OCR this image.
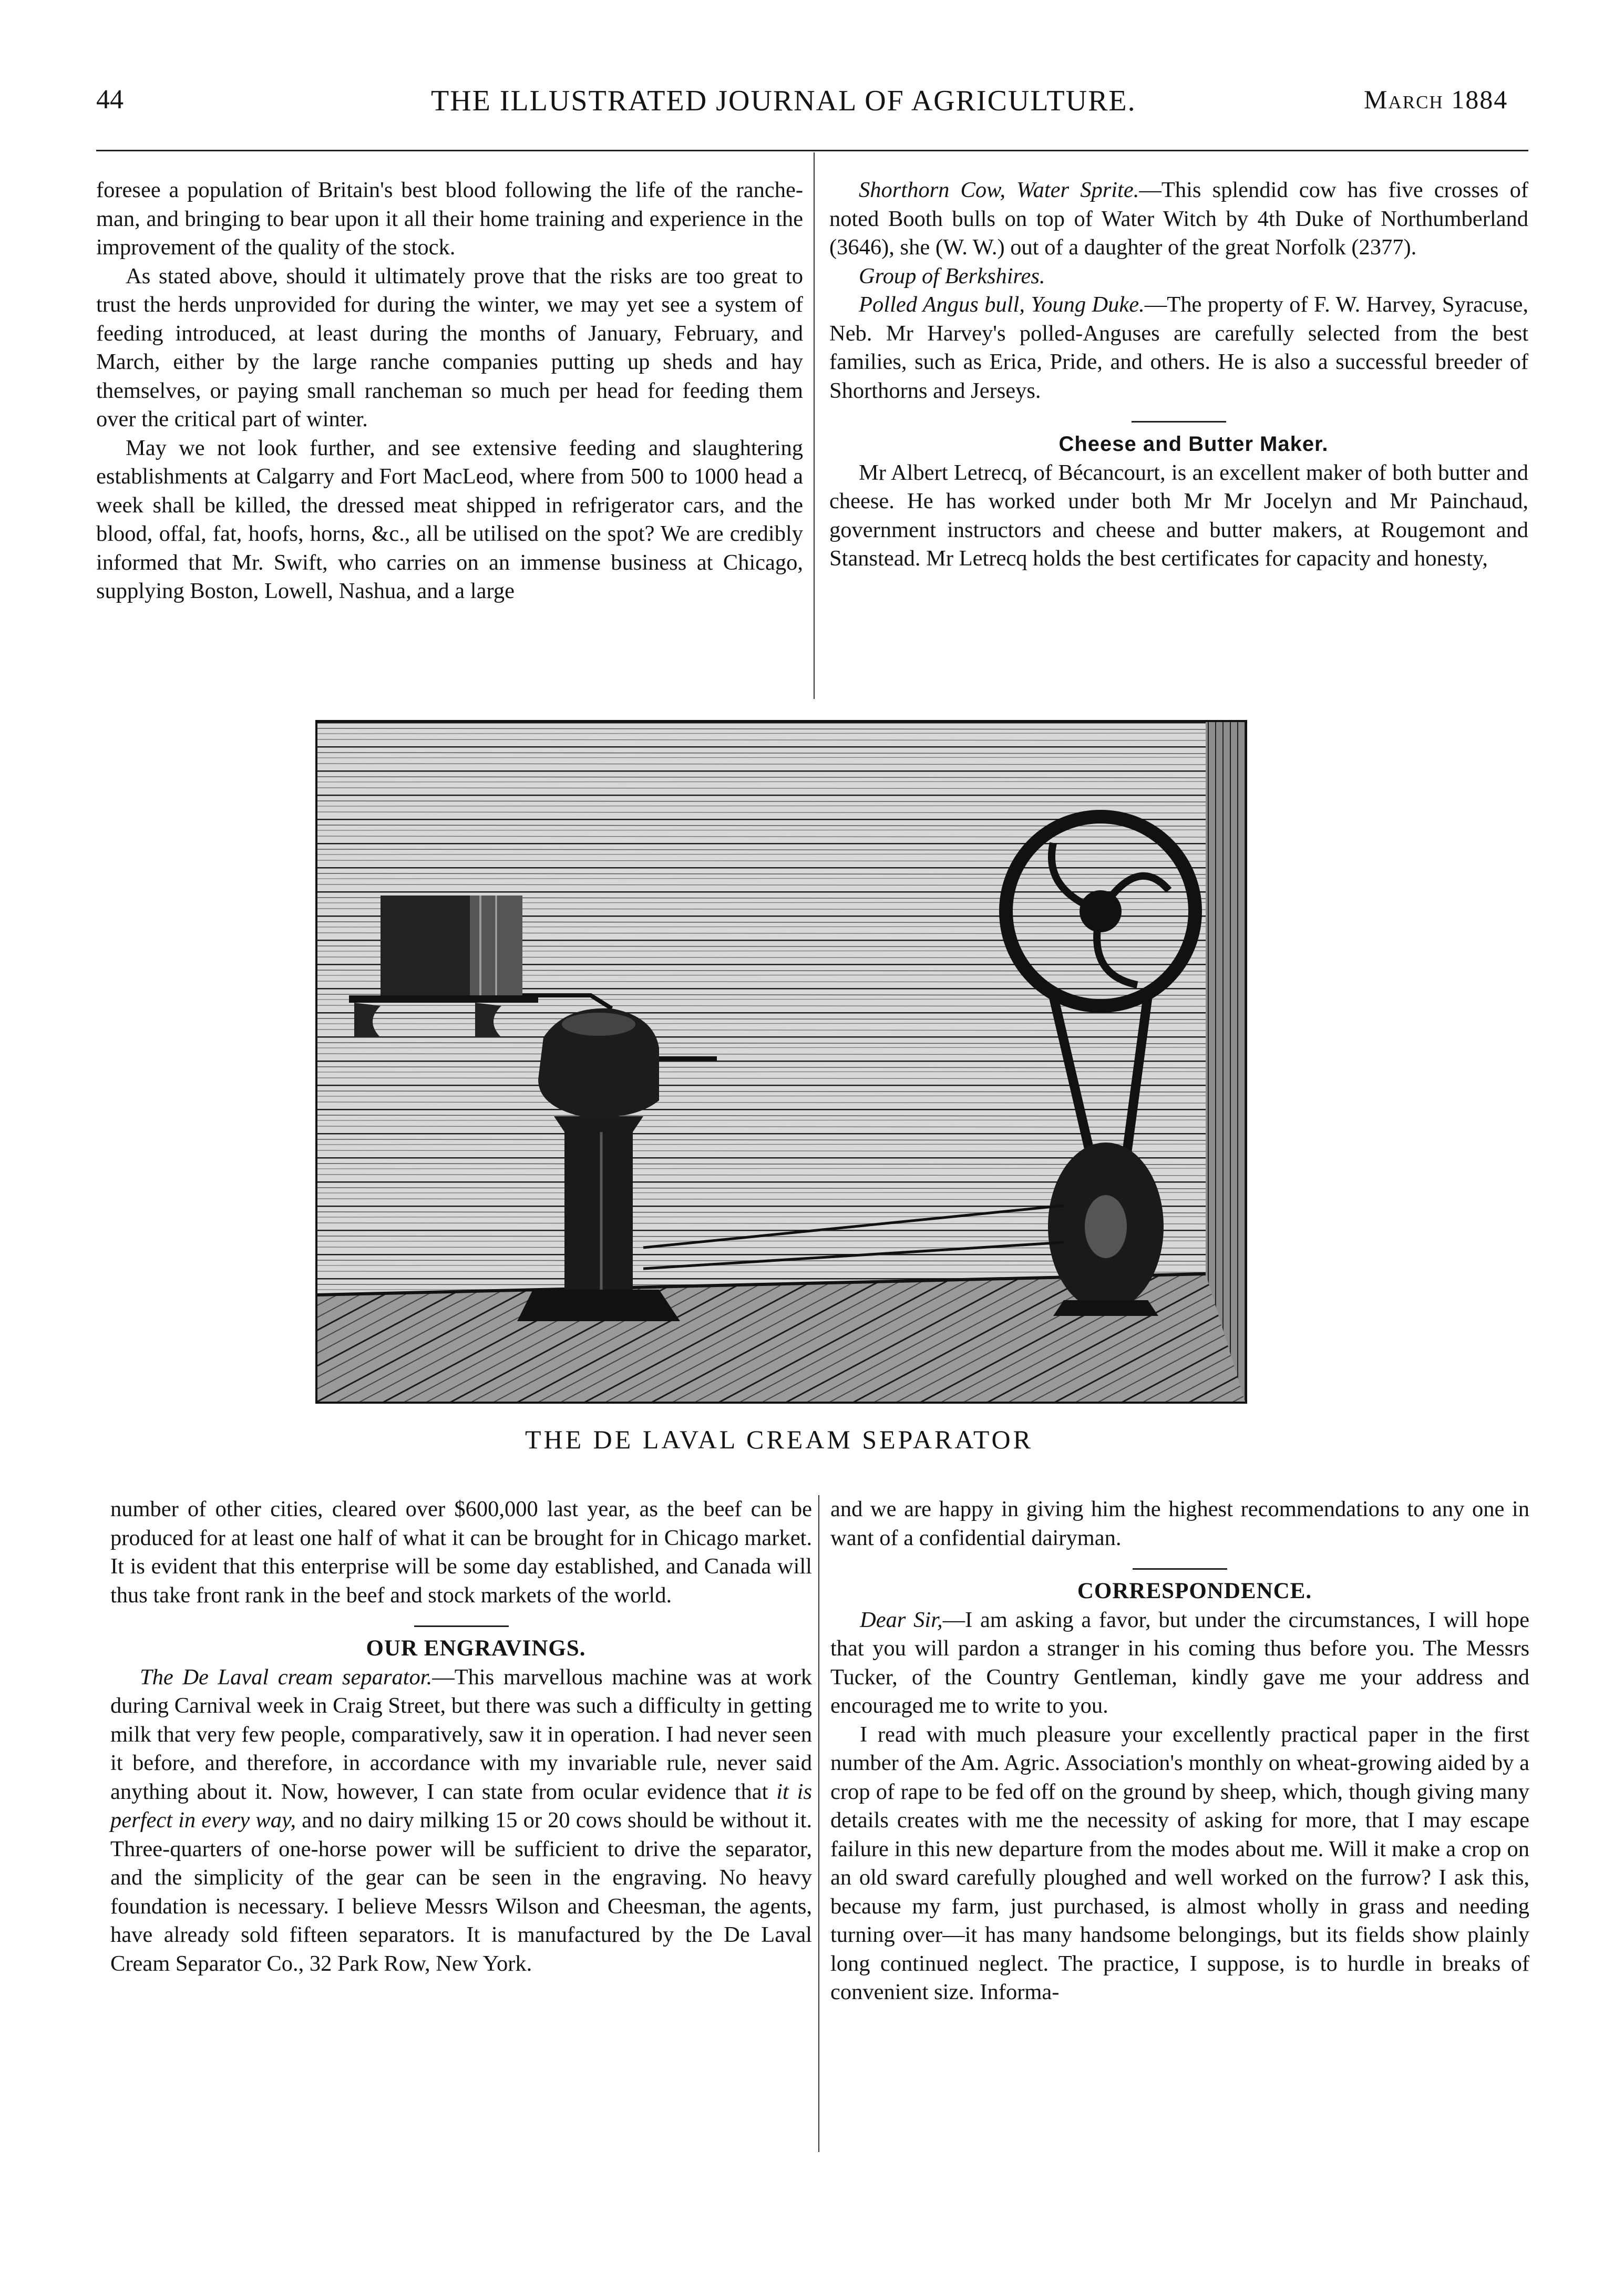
44	THE ILLUSTRATED JOURNAL OF AGRICULTURE.	March 1884

foresee a population of Britain's best blood following the life of the ranche-man, and bringing to bear upon it all their home training and experience in the improvement of the quality of the stock.

As stated above, should it ultimately prove that the risks are too great to trust the herds unprovided for during the winter, we may yet see a system of feeding introduced, at least during the months of January, February, and March, either by the large ranche companies putting up sheds and hay themselves, or paying small rancheman so much per head for feeding them over the critical part of winter.

May we not look further, and see extensive feeding and slaughtering establishments at Calgarry and Fort MacLeod, where from 500 to 1000 head a week shall be killed, the dressed meat shipped in refrigerator cars, and the blood, offal, fat, hoofs, horns, &c., all be utilised on the spot? We are credibly informed that Mr. Swift, who carries on an immense business at Chicago, supplying Boston, Lowell, Nashua, and a large

Shorthorn Cow, Water Sprite.—This splendid cow has five crosses of noted Booth bulls on top of Water Witch by 4th Duke of Northumberland (3646), she (W. W.) out of a daughter of the great Norfolk (2377).

Group of Berkshires.

Polled Angus bull, Young Duke.—The property of F. W. Harvey, Syracuse, Neb. Mr Harvey's polled-Anguses are carefully selected from the best families, such as Erica, Pride, and others. He is also a successful breeder of Shorthorns and Jerseys.

Cheese and Butter Maker.

Mr Albert Letrecq, of Bécancourt, is an excellent maker of both butter and cheese. He has worked under both Mr Mr Jocelyn and Mr Painchaud, government instructors and cheese and butter makers, at Rougemont and Stanstead. Mr Letrecq holds the best certificates for capacity and honesty,

THE DE LAVAL CREAM SEPARATOR

number of other cities, cleared over $600,000 last year, as the beef can be produced for at least one half of what it can be brought for in Chicago market. It is evident that this enterprise will be some day established, and Canada will thus take front rank in the beef and stock markets of the world.

OUR ENGRAVINGS.

The De Laval cream separator.—This marvellous machine was at work during Carnival week in Craig Street, but there was such a difficulty in getting milk that very few people, comparatively, saw it in operation. I had never seen it before, and therefore, in accordance with my invariable rule, never said anything about it. Now, however, I can state from ocular evidence that it is perfect in every way, and no dairy milking 15 or 20 cows should be without it. Three-quarters of one-horse power will be sufficient to drive the separator, and the simplicity of the gear can be seen in the engraving. No heavy foundation is necessary. I believe Messrs Wilson and Cheesman, the agents, have already sold fifteen separators. It is manufactured by the De Laval Cream Separator Co., 32 Park Row, New York.

and we are happy in giving him the highest recommendations to any one in want of a confidential dairyman.

CORRESPONDENCE.

Dear Sir,—I am asking a favor, but under the circumstances, I will hope that you will pardon a stranger in his coming thus before you. The Messrs Tucker, of the Country Gentleman, kindly gave me your address and encouraged me to write to you.

I read with much pleasure your excellently practical paper in the first number of the Am. Agric. Association's monthly on wheat-growing aided by a crop of rape to be fed off on the ground by sheep, which, though giving many details creates with me the necessity of asking for more, that I may escape failure in this new departure from the modes about me. Will it make a crop on an old sward carefully ploughed and well worked on the furrow? I ask this, because my farm, just purchased, is almost wholly in grass and needing turning over—it has many handsome belongings, but its fields show plainly long continued neglect. The practice, I suppose, is to hurdle in breaks of convenient size. Informa-
